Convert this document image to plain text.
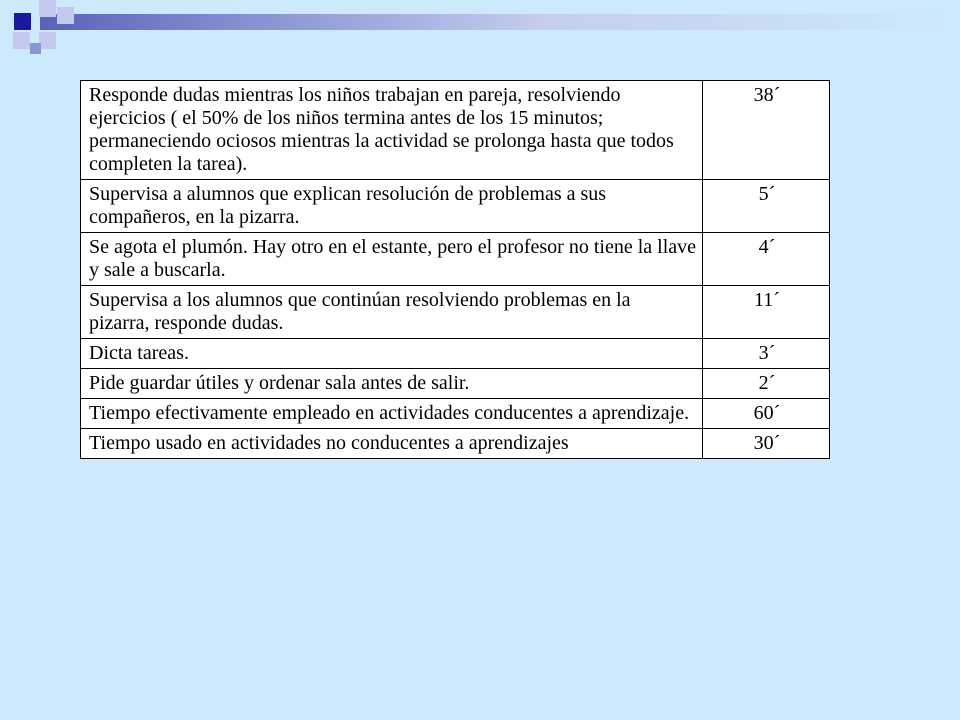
Responde dudas mientras los niños trabajan en pareja, resolviendo ejercicios ( el 50% de los niños termina antes de los 15 minutos; permaneciendo ociosos mientras la actividad se prolonga hasta que todos completen la tarea).	38´
Supervisa a alumnos que explican resolución de problemas a sus compañeros, en la pizarra.	5´
Se agota el plumón. Hay otro en el estante, pero el profesor no tiene la llave y sale a buscarla.	4´
Supervisa a los alumnos que continúan resolviendo problemas en la pizarra, responde dudas.	11´
Dicta tareas.	3´
Pide guardar útiles y ordenar sala antes de salir.	2´
Tiempo efectivamente empleado en actividades conducentes a aprendizaje.	60´
Tiempo usado en actividades no conducentes a aprendizajes	30´
